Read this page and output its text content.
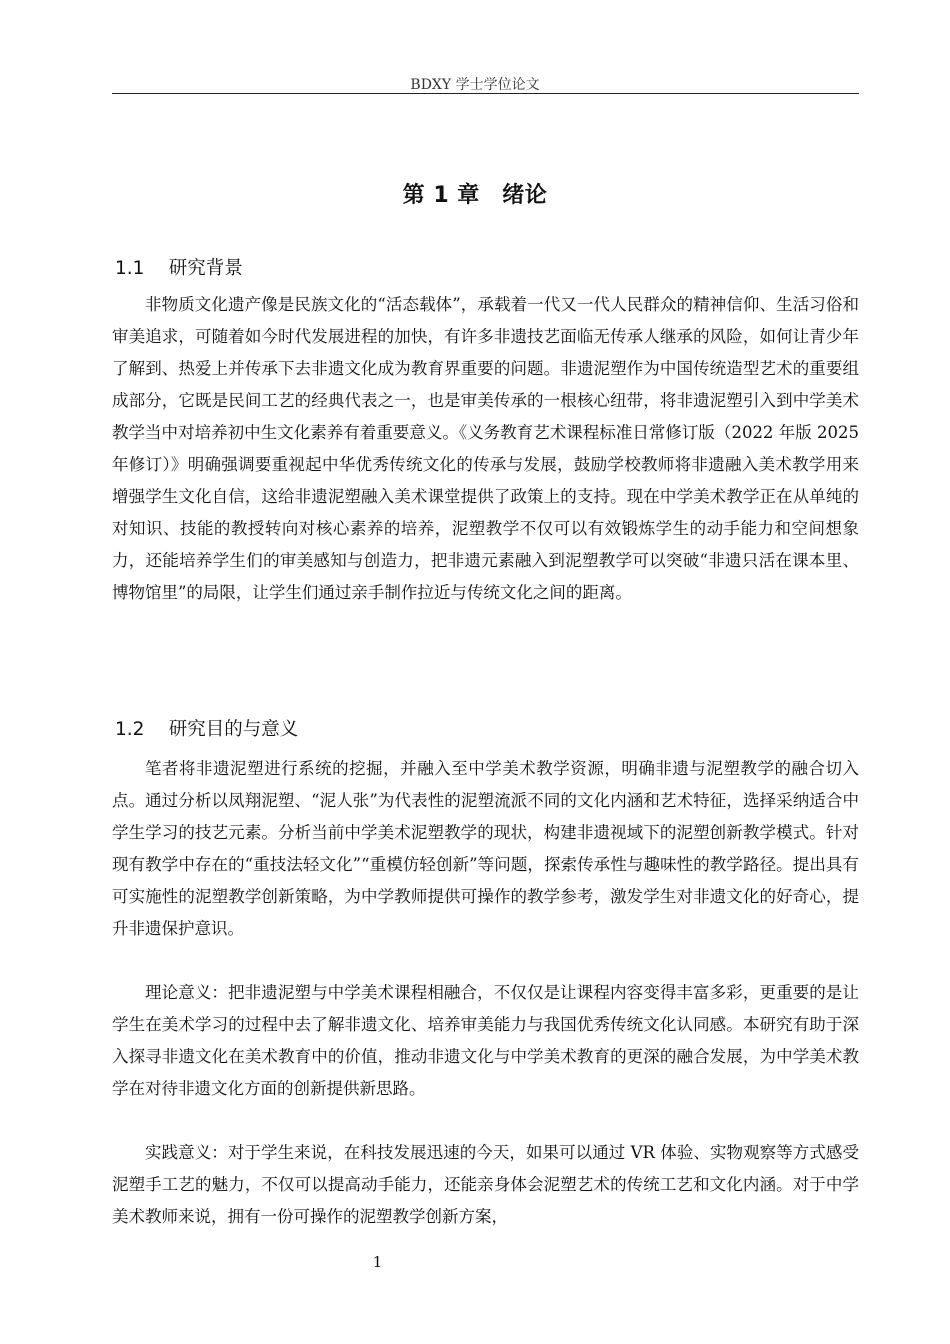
BDXY 学士学位论文
第 1 章　绪论
1.1　 研究背景

非物质文化遗产像是民族文化的“活态载体”，承载着一代又一代人民群众的精神信仰、生活习俗和审美追求，可随着如今时代发展进程的加快，有许多非遗技艺面临无传承人继承的风险，如何让青少年了解到、热爱上并传承下去非遗文化成为教育界重要的问题。非遗泥塑作为中国传统造型艺术的重要组成部分，它既是民间工艺的经典代表之一，也是审美传承的一根核心纽带，将非遗泥塑引入到中学美术教学当中对培养初中生文化素养有着重要意义。《义务教育艺术课程标准日常修订版（2022 年版 2025 年修订）》明确强调要重视起中华优秀传统文化的传承与发展，鼓励学校教师将非遗融入美术教学用来增强学生文化自信，这给非遗泥塑融入美术课堂提供了政策上的支持。现在中学美术教学正在从单纯的对知识、技能的教授转向对核心素养的培养，泥塑教学不仅可以有效锻炼学生的动手能力和空间想象力，还能培养学生们的审美感知与创造力，把非遗元素融入到泥塑教学可以突破“非遗只活在课本里、博物馆里”的局限，让学生们通过亲手制作拉近与传统文化之间的距离。

1.2　 研究目的与意义

笔者将非遗泥塑进行系统的挖掘，并融入至中学美术教学资源，明确非遗与泥塑教学的融合切入点。通过分析以凤翔泥塑、“泥人张”为代表性的泥塑流派不同的文化内涵和艺术特征，选择采纳适合中学生学习的技艺元素。分析当前中学美术泥塑教学的现状，构建非遗视域下的泥塑创新教学模式。针对现有教学中存在的“重技法轻文化”“重模仿轻创新”等问题，探索传承性与趣味性的教学路径。提出具有可实施性的泥塑教学创新策略，为中学教师提供可操作的教学参考，激发学生对非遗文化的好奇心，提升非遗保护意识。

理论意义：把非遗泥塑与中学美术课程相融合，不仅仅是让课程内容变得丰富多彩，更重要的是让学生在美术学习的过程中去了解非遗文化、培养审美能力与我国优秀传统文化认同感。本研究有助于深入探寻非遗文化在美术教育中的价值，推动非遗文化与中学美术教育的更深的融合发展，为中学美术教学在对待非遗文化方面的创新提供新思路。

实践意义：对于学生来说，在科技发展迅速的今天，如果可以通过 VR 体验、实物观察等方式感受泥塑手工艺的魅力，不仅可以提高动手能力，还能亲身体会泥塑艺术的传统工艺和文化内涵。对于中学美术教师来说，拥有一份可操作的泥塑教学创新方案，

1
